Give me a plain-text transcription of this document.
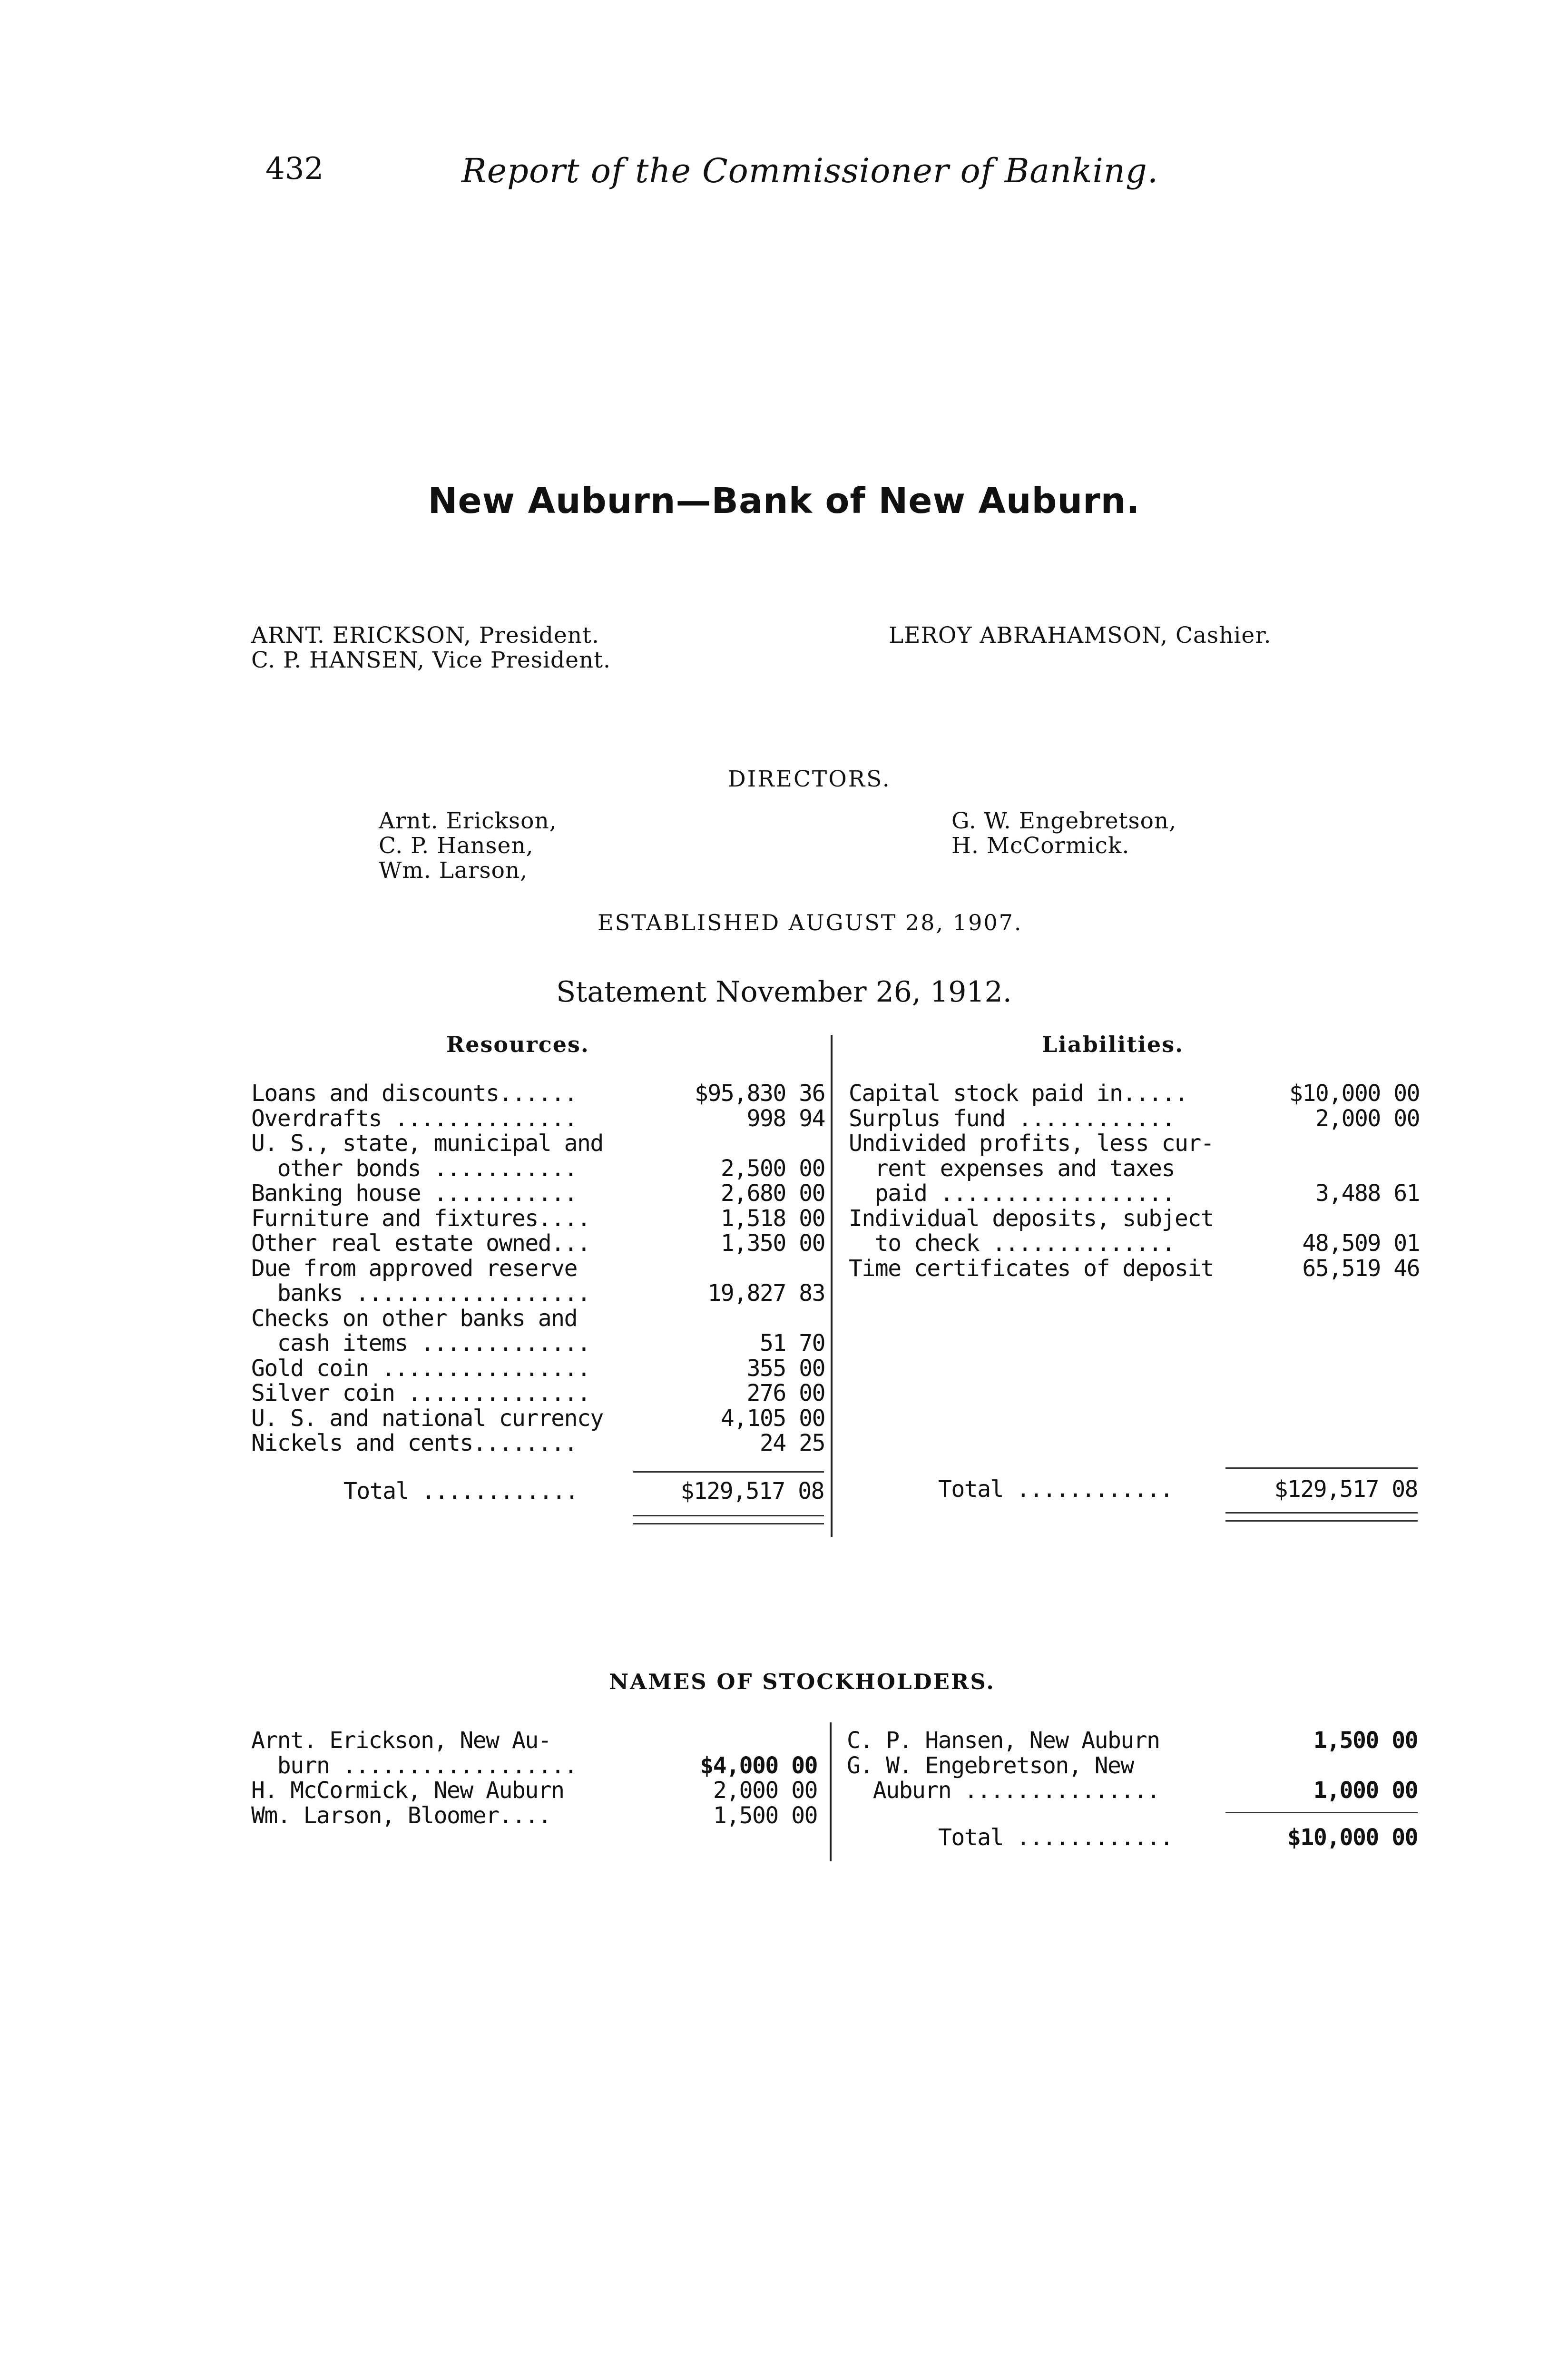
432	Report of the Commissioner of Banking.
New Auburn—Bank of New Auburn.
ARNT. ERICKSON, President.
C. P. HANSEN, Vice President.
LEROY ABRAHAMSON, Cashier.
DIRECTORS.
Arnt. Erickson,
C. P. Hansen,
Wm. Larson,
G. W. Engebretson,
H. McCormick.
ESTABLISHED AUGUST 28, 1907.
Statement November 26, 1912.
Resources.	Liabilities.
Loans and discounts......	$95,830 36
Overdrafts ..............	998 94
U. S., state, municipal and
other bonds ...........	2,500 00
Banking house ...........	2,680 00
Furniture and fixtures....	1,518 00
Other real estate owned...	1,350 00
Due from approved reserve
banks ..................	19,827 83
Checks on other banks and
cash items .............	51 70
Gold coin ................	355 00
Silver coin ..............	276 00
U. S. and national currency	4,105 00
Nickels and cents........	24 25
Total ............	$129,517 08
Capital stock paid in.....	$10,000 00
Surplus fund ............	2,000 00
Undivided profits, less cur-
rent expenses and taxes
paid ..................	3,488 61
Individual deposits, subject
to check ..............	48,509 01
Time certificates of deposit	65,519 46
Total ............	$129,517 08
NAMES OF STOCKHOLDERS.
Arnt. Erickson, New Au-
burn ..................	$4,000 00
H. McCormick, New Auburn	2,000 00
Wm. Larson, Bloomer....	1,500 00
C. P. Hansen, New Auburn	1,500 00
G. W. Engebretson, New
Auburn ...............	1,000 00
Total ............	$10,000 00
